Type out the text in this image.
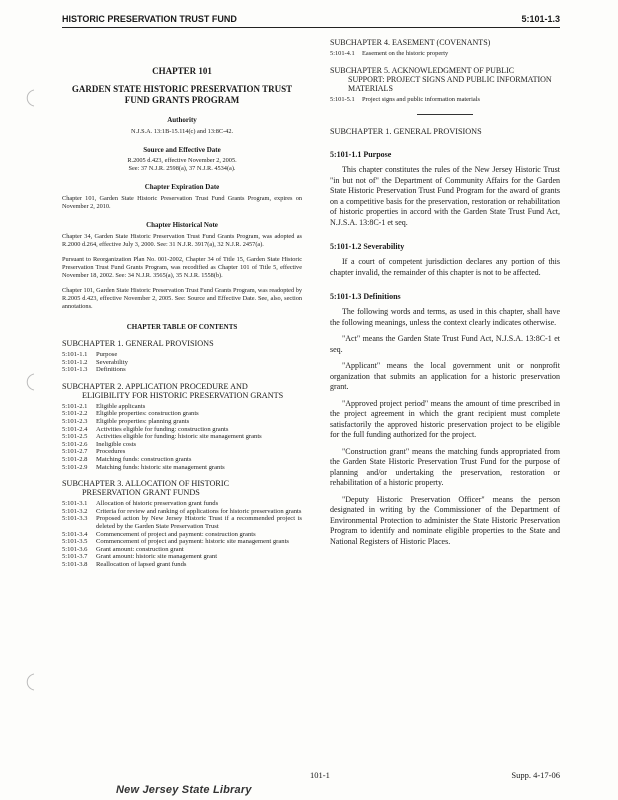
HISTORIC PRESERVATION TRUST FUND	5:101-1.3
CHAPTER 101
GARDEN STATE HISTORIC PRESERVATION TRUST FUND GRANTS PROGRAM
Authority
N.J.S.A. 13:1B-15.114(c) and 13:8C-42.
Source and Effective Date
R.2005 d.423, effective November 2, 2005.
See: 37 N.J.R. 2598(a), 37 N.J.R. 4534(a).
Chapter Expiration Date
Chapter 101, Garden State Historic Preservation Trust Fund Grants Program, expires on November 2, 2010.
Chapter Historical Note
Chapter 34, Garden State Historic Preservation Trust Fund Grants Program, was adopted as R.2000 d.264, effective July 3, 2000. See: 31 N.J.R. 3917(a), 32 N.J.R. 2457(a).
Pursuant to Reorganization Plan No. 001-2002, Chapter 34 of Title 15, Garden State Historic Preservation Trust Fund Grants Program, was recodified as Chapter 101 of Title 5, effective November 18, 2002. See: 34 N.J.R. 3565(a), 35 N.J.R. 1558(b).
Chapter 101, Garden State Historic Preservation Trust Fund Grants Program, was readopted by R.2005 d.423, effective November 2, 2005. See: Source and Effective Date. See, also, section annotations.
CHAPTER TABLE OF CONTENTS
SUBCHAPTER 1. GENERAL PROVISIONS
5:101-1.1	Purpose
5:101-1.2	Severability
5:101-1.3	Definitions
SUBCHAPTER 2. APPLICATION PROCEDURE AND
ELIGIBILITY FOR HISTORIC PRESERVATION GRANTS
5:101-2.1	Eligible applicants
5:101-2.2	Eligible properties: construction grants
5:101-2.3	Eligible properties: planning grants
5:101-2.4	Activities eligible for funding: construction grants
5:101-2.5	Activities eligible for funding: historic site management grants
5:101-2.6	Ineligible costs
5:101-2.7	Procedures
5:101-2.8	Matching funds: construction grants
5:101-2.9	Matching funds: historic site management grants
SUBCHAPTER 3. ALLOCATION OF HISTORIC
PRESERVATION GRANT FUNDS
5:101-3.1	Allocation of historic preservation grant funds
5:101-3.2	Criteria for review and ranking of applications for historic preservation grants
5:101-3.3	Proposed action by New Jersey Historic Trust if a recommended project is deleted by the Garden State Preservation Trust
5:101-3.4	Commencement of project and payment: construction grants
5:101-3.5	Commencement of project and payment: historic site management grants
5:101-3.6	Grant amount: construction grant
5:101-3.7	Grant amount: historic site management grant
5:101-3.8	Reallocation of lapsed grant funds
SUBCHAPTER 4. EASEMENT (COVENANTS)
5:101-4.1	Easement on the historic property
SUBCHAPTER 5. ACKNOWLEDGMENT OF PUBLIC
SUPPORT: PROJECT SIGNS AND PUBLIC INFORMATION MATERIALS
5:101-5.1	Project signs and public information materials
SUBCHAPTER 1. GENERAL PROVISIONS
5:101-1.1 Purpose
This chapter constitutes the rules of the New Jersey Historic Trust "in but not of" the Department of Community Affairs for the Garden State Historic Preservation Trust Fund Program for the award of grants on a competitive basis for the preservation, restoration or rehabilitation of historic properties in accord with the Garden State Trust Fund Act, N.J.S.A. 13:8C-1 et seq.
5:101-1.2 Severability
If a court of competent jurisdiction declares any portion of this chapter invalid, the remainder of this chapter is not to be affected.
5:101-1.3 Definitions
The following words and terms, as used in this chapter, shall have the following meanings, unless the context clearly indicates otherwise.
"Act" means the Garden State Trust Fund Act, N.J.S.A. 13:8C-1 et seq.
"Applicant" means the local government unit or nonprofit organization that submits an application for a historic preservation grant.
"Approved project period" means the amount of time prescribed in the project agreement in which the grant recipient must complete satisfactorily the approved historic preservation project to be eligible for the full funding authorized for the project.
"Construction grant" means the matching funds appropriated from the Garden State Historic Preservation Trust Fund for the purpose of planning and/or undertaking the preservation, restoration or rehabilitation of a historic property.
"Deputy Historic Preservation Officer" means the person designated in writing by the Commissioner of the Department of Environmental Protection to administer the State Historic Preservation Program to identify and nominate eligible properties to the State and National Registers of Historic Places.
101-1	Supp. 4-17-06
New Jersey State Library
